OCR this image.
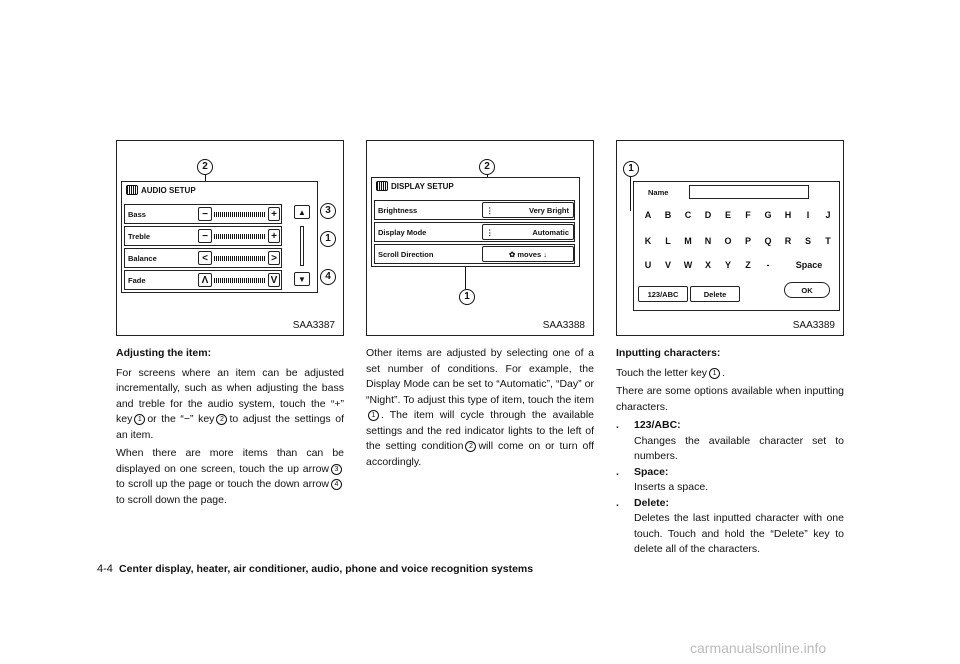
2
3
1
4
AUDIO SETUP
Bass	−	+
Treble	−	+
Balance	<	>
Fade	Λ	V
▲
▼
SAA3387
2
1
DISPLAY SETUP
Brightness	⋮	Very Bright
Display Mode	⋮	Automatic
Scroll Direction	✿ moves ↓
SAA3388
1
Name
A	B	C	D	E	F	G	H	I	J
K	L	M	N	O	P	Q	R	S	T
U	V	W	X	Y	Z	-	Space
123/ABC	Delete	OK
SAA3389
Adjusting the item:

For screens where an item can be adjusted incrementally, such as when adjusting the bass and treble for the audio system, touch the “+” key 1 or the “−” key 2 to adjust the settings of an item.

When there are more items than can be displayed on one screen, touch the up arrow 3to scroll up the page or touch the down arrow 4to scroll down the page.

Other items are adjusted by selecting one of a set number of conditions. For example, the Display Mode can be set to “Automatic”, “Day” or “Night”. To adjust this type of item, touch the item1 . The item will cycle through the available settings and the red indicator lights to the left of the setting condition 2 will come on or turn off accordingly.

Inputting characters:

Touch the letter key 1 .

There are some options available when inputting characters.

.	123/ABC:
Changes the available character set to numbers.
.	Space:
Inserts a space.
.	Delete:
Deletes the last inputted character with one touch. Touch and hold the “Delete” key to delete all of the characters.
4-4 Center display, heater, air conditioner, audio, phone and voice recognition systems
carmanualsonline.info
